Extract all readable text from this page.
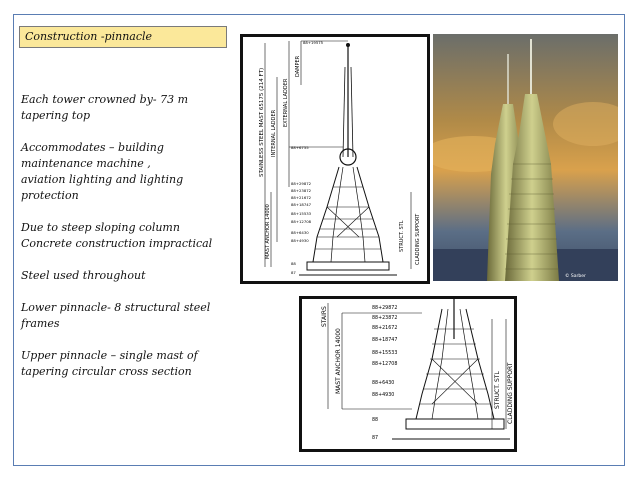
Construction -pinnacle

Each tower crowned by- 73 m tapering top

Accommodates – building maintenance machine ,

aviation lighting and lighting protection

Due to steep sloping column

Concrete construction impractical

Steel used throughout

Lower pinnacle- 8 structural steel frames

Upper pinnacle – single mast of tapering circular cross section

STAINLESS STEEL MAST 65175 (214 FT) INTERNAL LADDER
EXTERNAL LADDER
DAMPER
MAST ANCHOR 14000	STRUCT. STL CLADDING SUPPORT
88+19575
88+6755
88+29872
88+23872
88+21672
88+18747
88+15533
88+12708
88+6430
88+4930
88
87
© Sarber
STAIRS
MAST ANCHOR 14000	STRUCT. STL CLADDING SUPPORT
88+29872
88+23872
88+21672
88+18747
88+15533
88+12708
88+6430
88+4930
88
87
